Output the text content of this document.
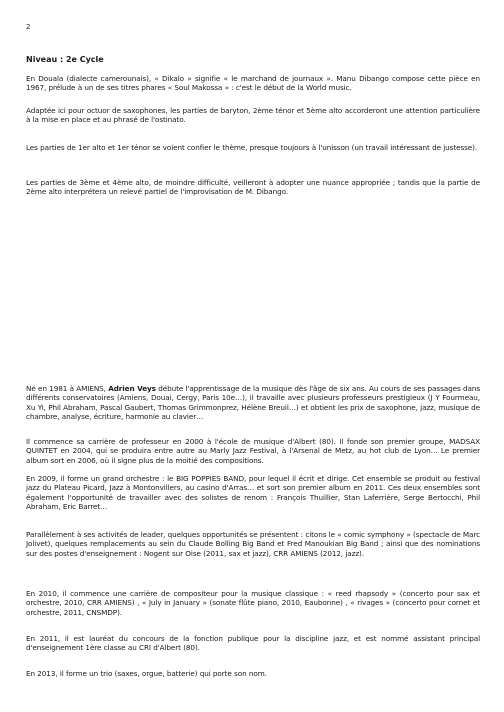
2
Niveau : 2e Cycle

En Douala (dialecte camerounais), « Dikalo » signifie « le marchand de journaux ». Manu Dibango compose cette pièce en 1967, prélude à un de ses titres phares « Soul Makossa » : c'est le début de la World music.

Adaptée ici pour octuor de saxophones, les parties de baryton, 2ème ténor et 5ème alto accorderont une attention particulière à la mise en place et au phrasé de l'ostinato.

Les parties de 1er alto et 1er ténor se voient confier le thème, presque toujours à l'unisson (un travail intéressant de justesse).

Les parties de 3ème et 4ème alto, de moindre difficulté, veilleront à adopter une nuance appropriée ; tandis que la partie de 2ème alto interprétera un relevé partiel de l'improvisation de M. Dibango.

Né en 1981 à AMIENS, Adrien Veys débute l'apprentissage de la musique dès l'âge de six ans. Au cours de ses passages dans différents conservatoires (Amiens, Douai, Cergy, Paris 10e…), il travaille avec plusieurs professeurs prestigieux (J Y Fourmeau, Xu Yi, Phil Abraham, Pascal Gaubert, Thomas Grimmonprez, Hélène Breuil…) et obtient les prix de saxophone, jazz, musique de chambre, analyse, écriture, harmonie au clavier…

Il commence sa carrière de professeur en 2000 à l'école de musique d'Albert (80). Il fonde son premier groupe, MADSAX QUINTET en 2004, qui se produira entre autre au Marly Jazz Festival, à l'Arsenal de Metz, au hot club de Lyon… Le premier album sort en 2006, où il signe plus de la moitié des compositions.

En 2009, il forme un grand orchestre : le BIG POPPIES BAND, pour lequel il écrit et dirige. Cet ensemble se produit au festival jazz du Plateau Picard, Jazz à Montonvillers, au casino d'Arras… et sort son premier album en 2011. Ces deux ensembles sont également l'opportunité de travailler avec des solistes de renom : François Thuillier, Stan Laferrière, Serge Bertocchi, Phil Abraham, Eric Barret…

Parallèlement à ses activités de leader, quelques opportunités se présentent : citons le « comic symphony » (spectacle de Marc Jolivet), quelques remplacements au sein du Claude Bolling Big Band et Fred Manoukian Big Band ; ainsi que des nominations sur des postes d'enseignement : Nogent sur Oise (2011, sax et jazz), CRR AMIENS (2012, jazz).

En 2010, il commence une carrière de compositeur pour la musique classique : « reed rhapsody » (concerto pour sax et orchestre, 2010, CRR AMIENS) , « July in January » (sonate flûte piano, 2010, Eaubonne) , « rivages » (concerto pour cornet et orchestre, 2011, CNSMDP).

En 2011, il est lauréat du concours de la fonction publique pour la discipline jazz, et est nommé assistant principal d'enseignement 1ère classe au CRI d'Albert (80).

En 2013, il forme un trio (saxes, orgue, batterie) qui porte son nom.
